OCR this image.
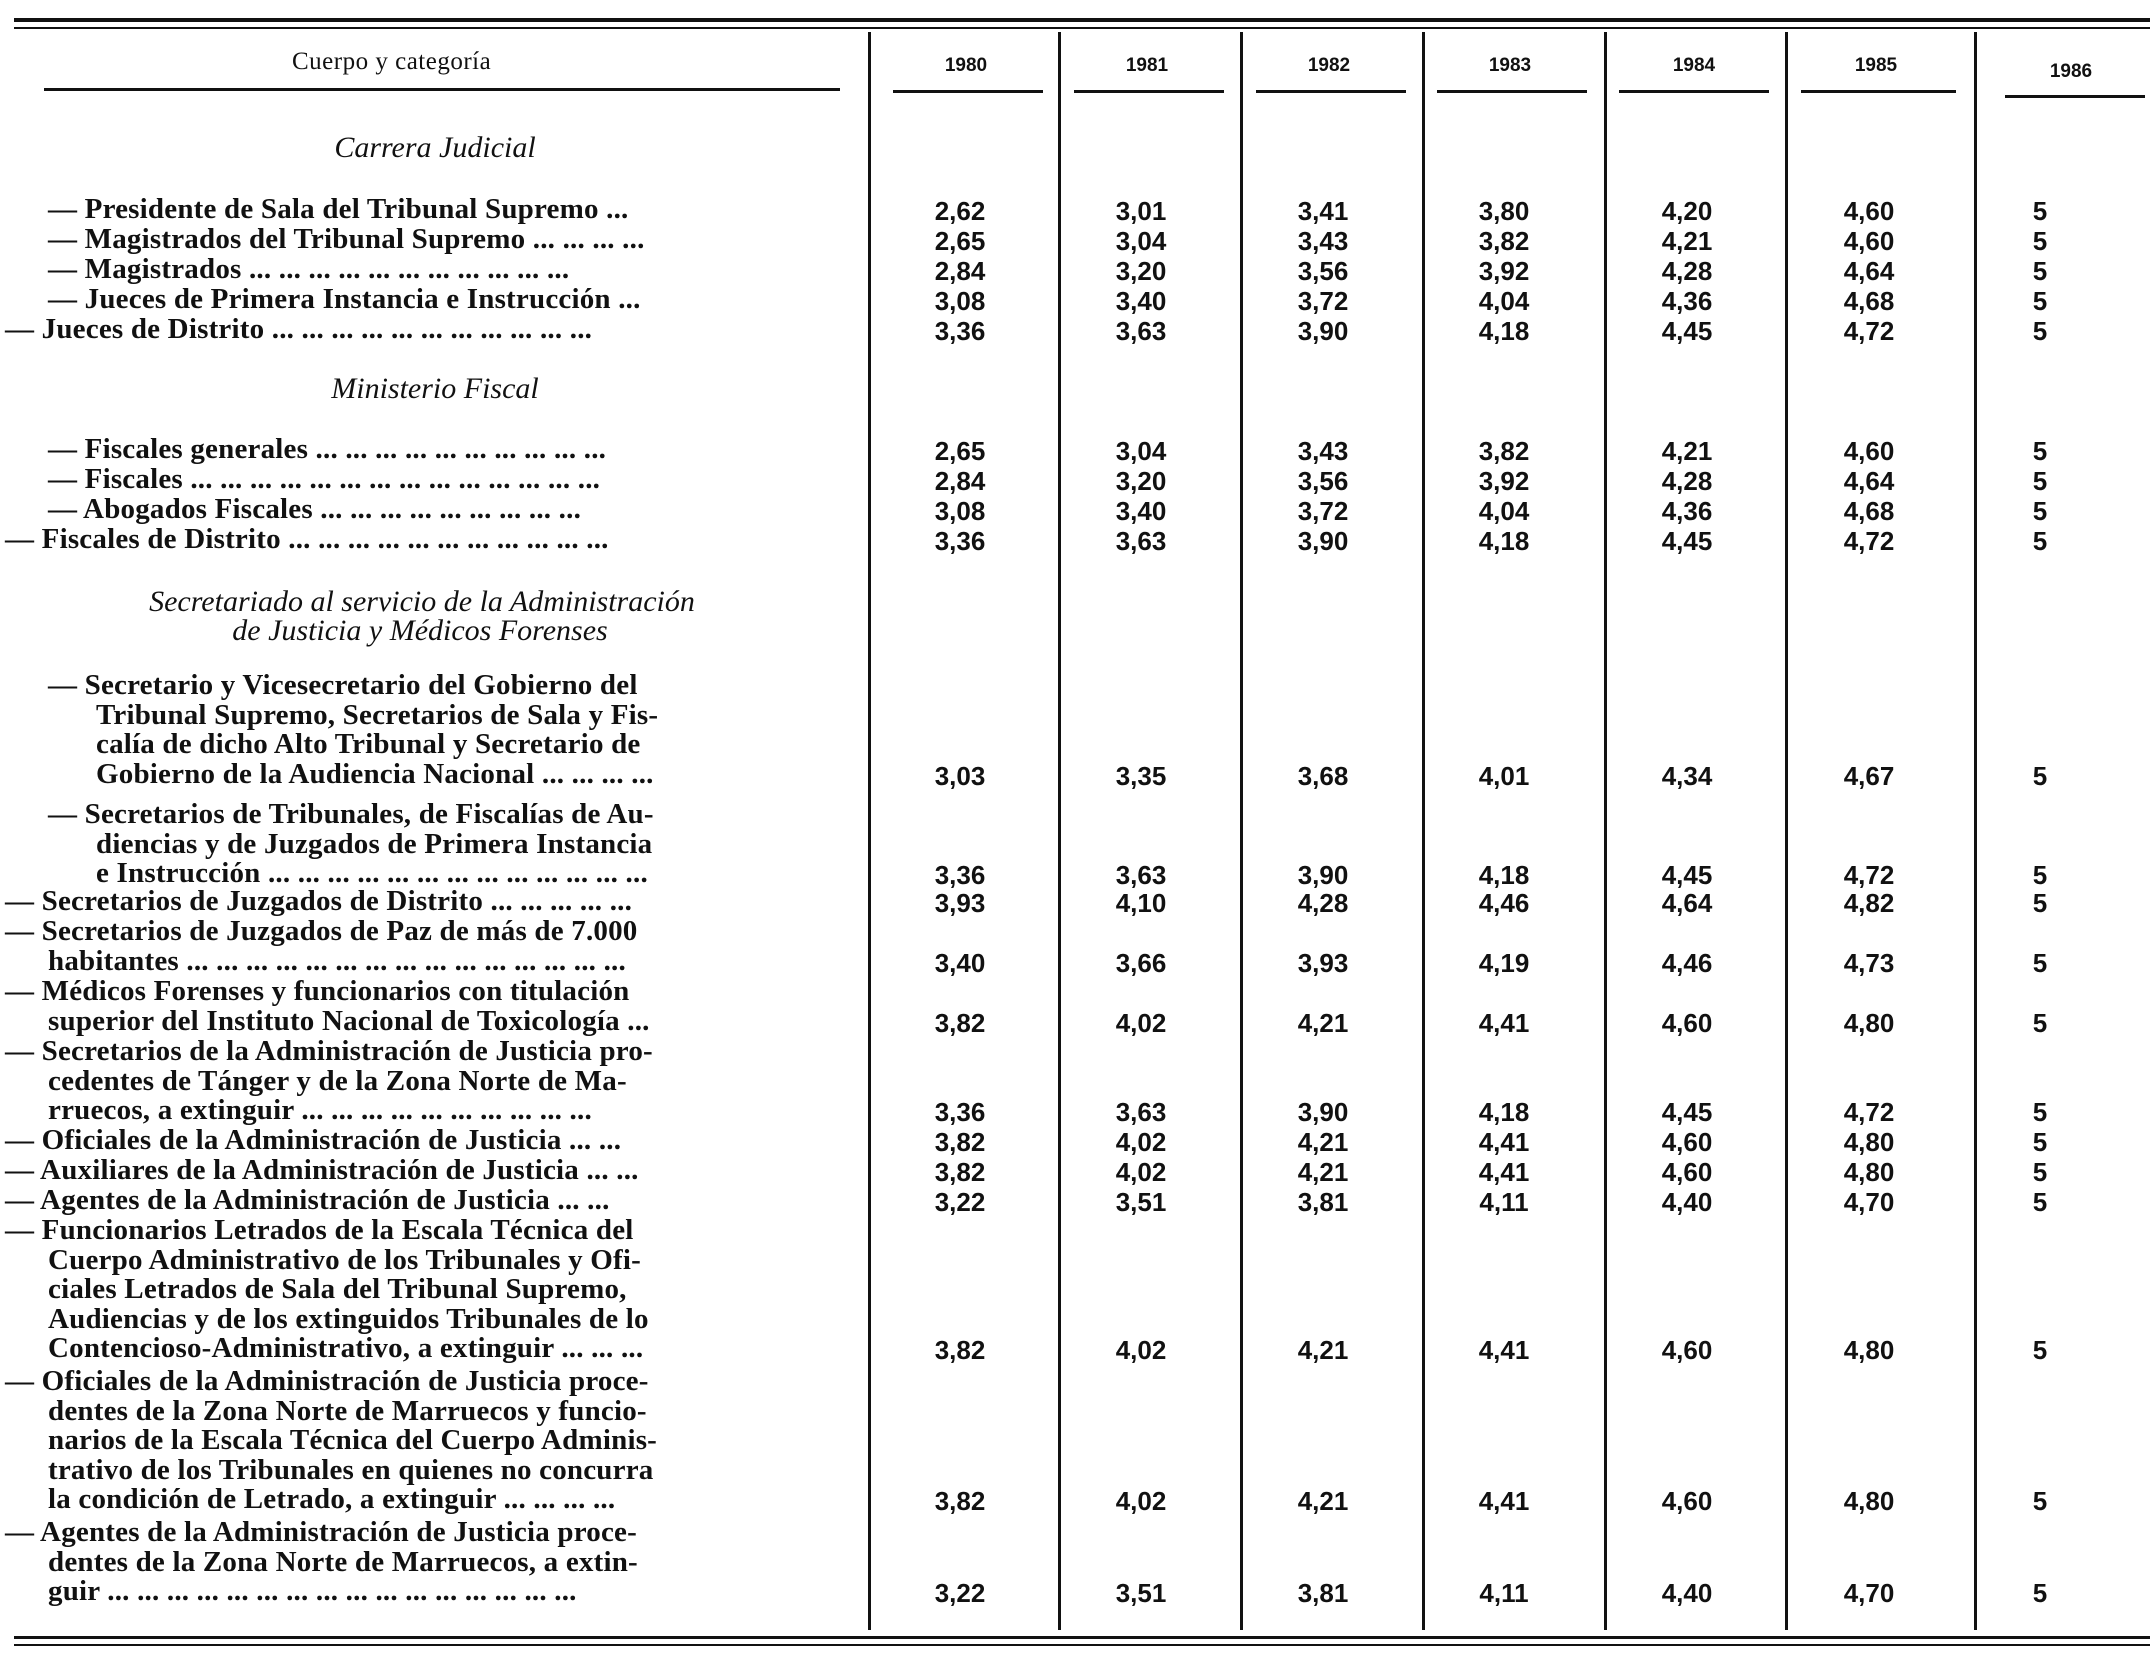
Cuerpo y categoría	1980	1981	1982	1983	1984	1985	1986
Carrera Judicial
Ministerio Fiscal
Secretariado al servicio de la Administración
de Justicia y Médicos Forenses
— Presidente de Sala del Tribunal Supremo ...	2,62	3,01	3,41	3,80	4,20	4,60	5
— Magistrados del Tribunal Supremo ... ... ... ...	2,65	3,04	3,43	3,82	4,21	4,60	5
— Magistrados ... ... ... ... ... ... ... ... ... ... ...	2,84	3,20	3,56	3,92	4,28	4,64	5
— Jueces de Primera Instancia e Instrucción ...	3,08	3,40	3,72	4,04	4,36	4,68	5
— Jueces de Distrito ... ... ... ... ... ... ... ... ... ... ...	3,36	3,63	3,90	4,18	4,45	4,72	5
— Fiscales generales ... ... ... ... ... ... ... ... ... ...	2,65	3,04	3,43	3,82	4,21	4,60	5
— Fiscales ... ... ... ... ... ... ... ... ... ... ... ... ... ...	2,84	3,20	3,56	3,92	4,28	4,64	5
— Abogados Fiscales ... ... ... ... ... ... ... ... ...	3,08	3,40	3,72	4,04	4,36	4,68	5
— Fiscales de Distrito ... ... ... ... ... ... ... ... ... ... ...	3,36	3,63	3,90	4,18	4,45	4,72	5
— Secretario y Vicesecretario del Gobierno del
Tribunal Supremo, Secretarios de Sala y Fis-
calía de dicho Alto Tribunal y Secretario de
Gobierno de la Audiencia Nacional ... ... ... ...	3,03	3,35	3,68	4,01	4,34	4,67	5
— Secretarios de Tribunales, de Fiscalías de Au-
diencias y de Juzgados de Primera Instancia
e Instrucción ... ... ... ... ... ... ... ... ... ... ... ... ...	3,36	3,63	3,90	4,18	4,45	4,72	5
— Secretarios de Juzgados de Distrito ... ... ... ... ...	3,93	4,10	4,28	4,46	4,64	4,82	5
— Secretarios de Juzgados de Paz de más de 7.000
habitantes ... ... ... ... ... ... ... ... ... ... ... ... ... ... ...	3,40	3,66	3,93	4,19	4,46	4,73	5
— Médicos Forenses y funcionarios con titulación
superior del Instituto Nacional de Toxicología ...	3,82	4,02	4,21	4,41	4,60	4,80	5
— Secretarios de la Administración de Justicia pro-
cedentes de Tánger y de la Zona Norte de Ma-
rruecos, a extinguir ... ... ... ... ... ... ... ... ... ...	3,36	3,63	3,90	4,18	4,45	4,72	5
— Oficiales de la Administración de Justicia ... ...	3,82	4,02	4,21	4,41	4,60	4,80	5
— Auxiliares de la Administración de Justicia ... ...	3,82	4,02	4,21	4,41	4,60	4,80	5
— Agentes de la Administración de Justicia ... ...	3,22	3,51	3,81	4,11	4,40	4,70	5
— Funcionarios Letrados de la Escala Técnica del
Cuerpo Administrativo de los Tribunales y Ofi-
ciales Letrados de Sala del Tribunal Supremo,
Audiencias y de los extinguidos Tribunales de lo
Contencioso-Administrativo, a extinguir ... ... ...	3,82	4,02	4,21	4,41	4,60	4,80	5
— Oficiales de la Administración de Justicia proce-
dentes de la Zona Norte de Marruecos y funcio-
narios de la Escala Técnica del Cuerpo Adminis-
trativo de los Tribunales en quienes no concurra
la condición de Letrado, a extinguir ... ... ... ...	3,82	4,02	4,21	4,41	4,60	4,80	5
— Agentes de la Administración de Justicia proce-
dentes de la Zona Norte de Marruecos, a extin-
guir ... ... ... ... ... ... ... ... ... ... ... ... ... ... ... ...	3,22	3,51	3,81	4,11	4,40	4,70	5
